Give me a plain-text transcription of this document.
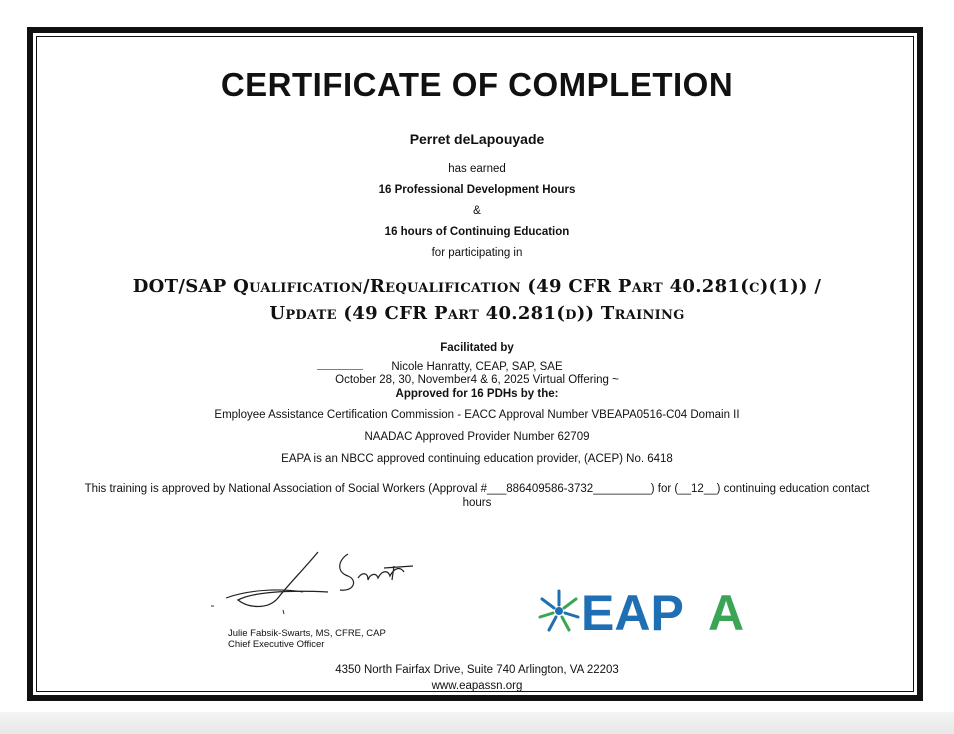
CERTIFICATE OF COMPLETION
Perret deLapouyade
has earned
16 Professional Development Hours
&
16 hours of Continuing Education
for participating in
DOT/SAP Qualification/Requalification (49 CFR Part 40.281(c)(1)) /
Update (49 CFR Part 40.281(d)) Training
Facilitated by
Nicole Hanratty, CEAP, SAP, SAE
October 28, 30, November4 & 6, 2025 Virtual Offering ~
Approved for 16 PDHs by the:
Employee Assistance Certification Commission - EACC Approval Number VBEAPA0516-C04 Domain II
NAADAC Approved Provider Number 62709
EAPA is an NBCC approved continuing education provider, (ACEP) No. 6418
This training is approved by National Association of Social Workers (Approval #___886409586-3732_________) for (__12__) continuing education contact
hours
Julie Fabsik-Swarts, MS, CFRE, CAP
Chief Executive Officer
EAP A
4350 North Fairfax Drive, Suite 740 Arlington, VA 22203
www.eapassn.org
